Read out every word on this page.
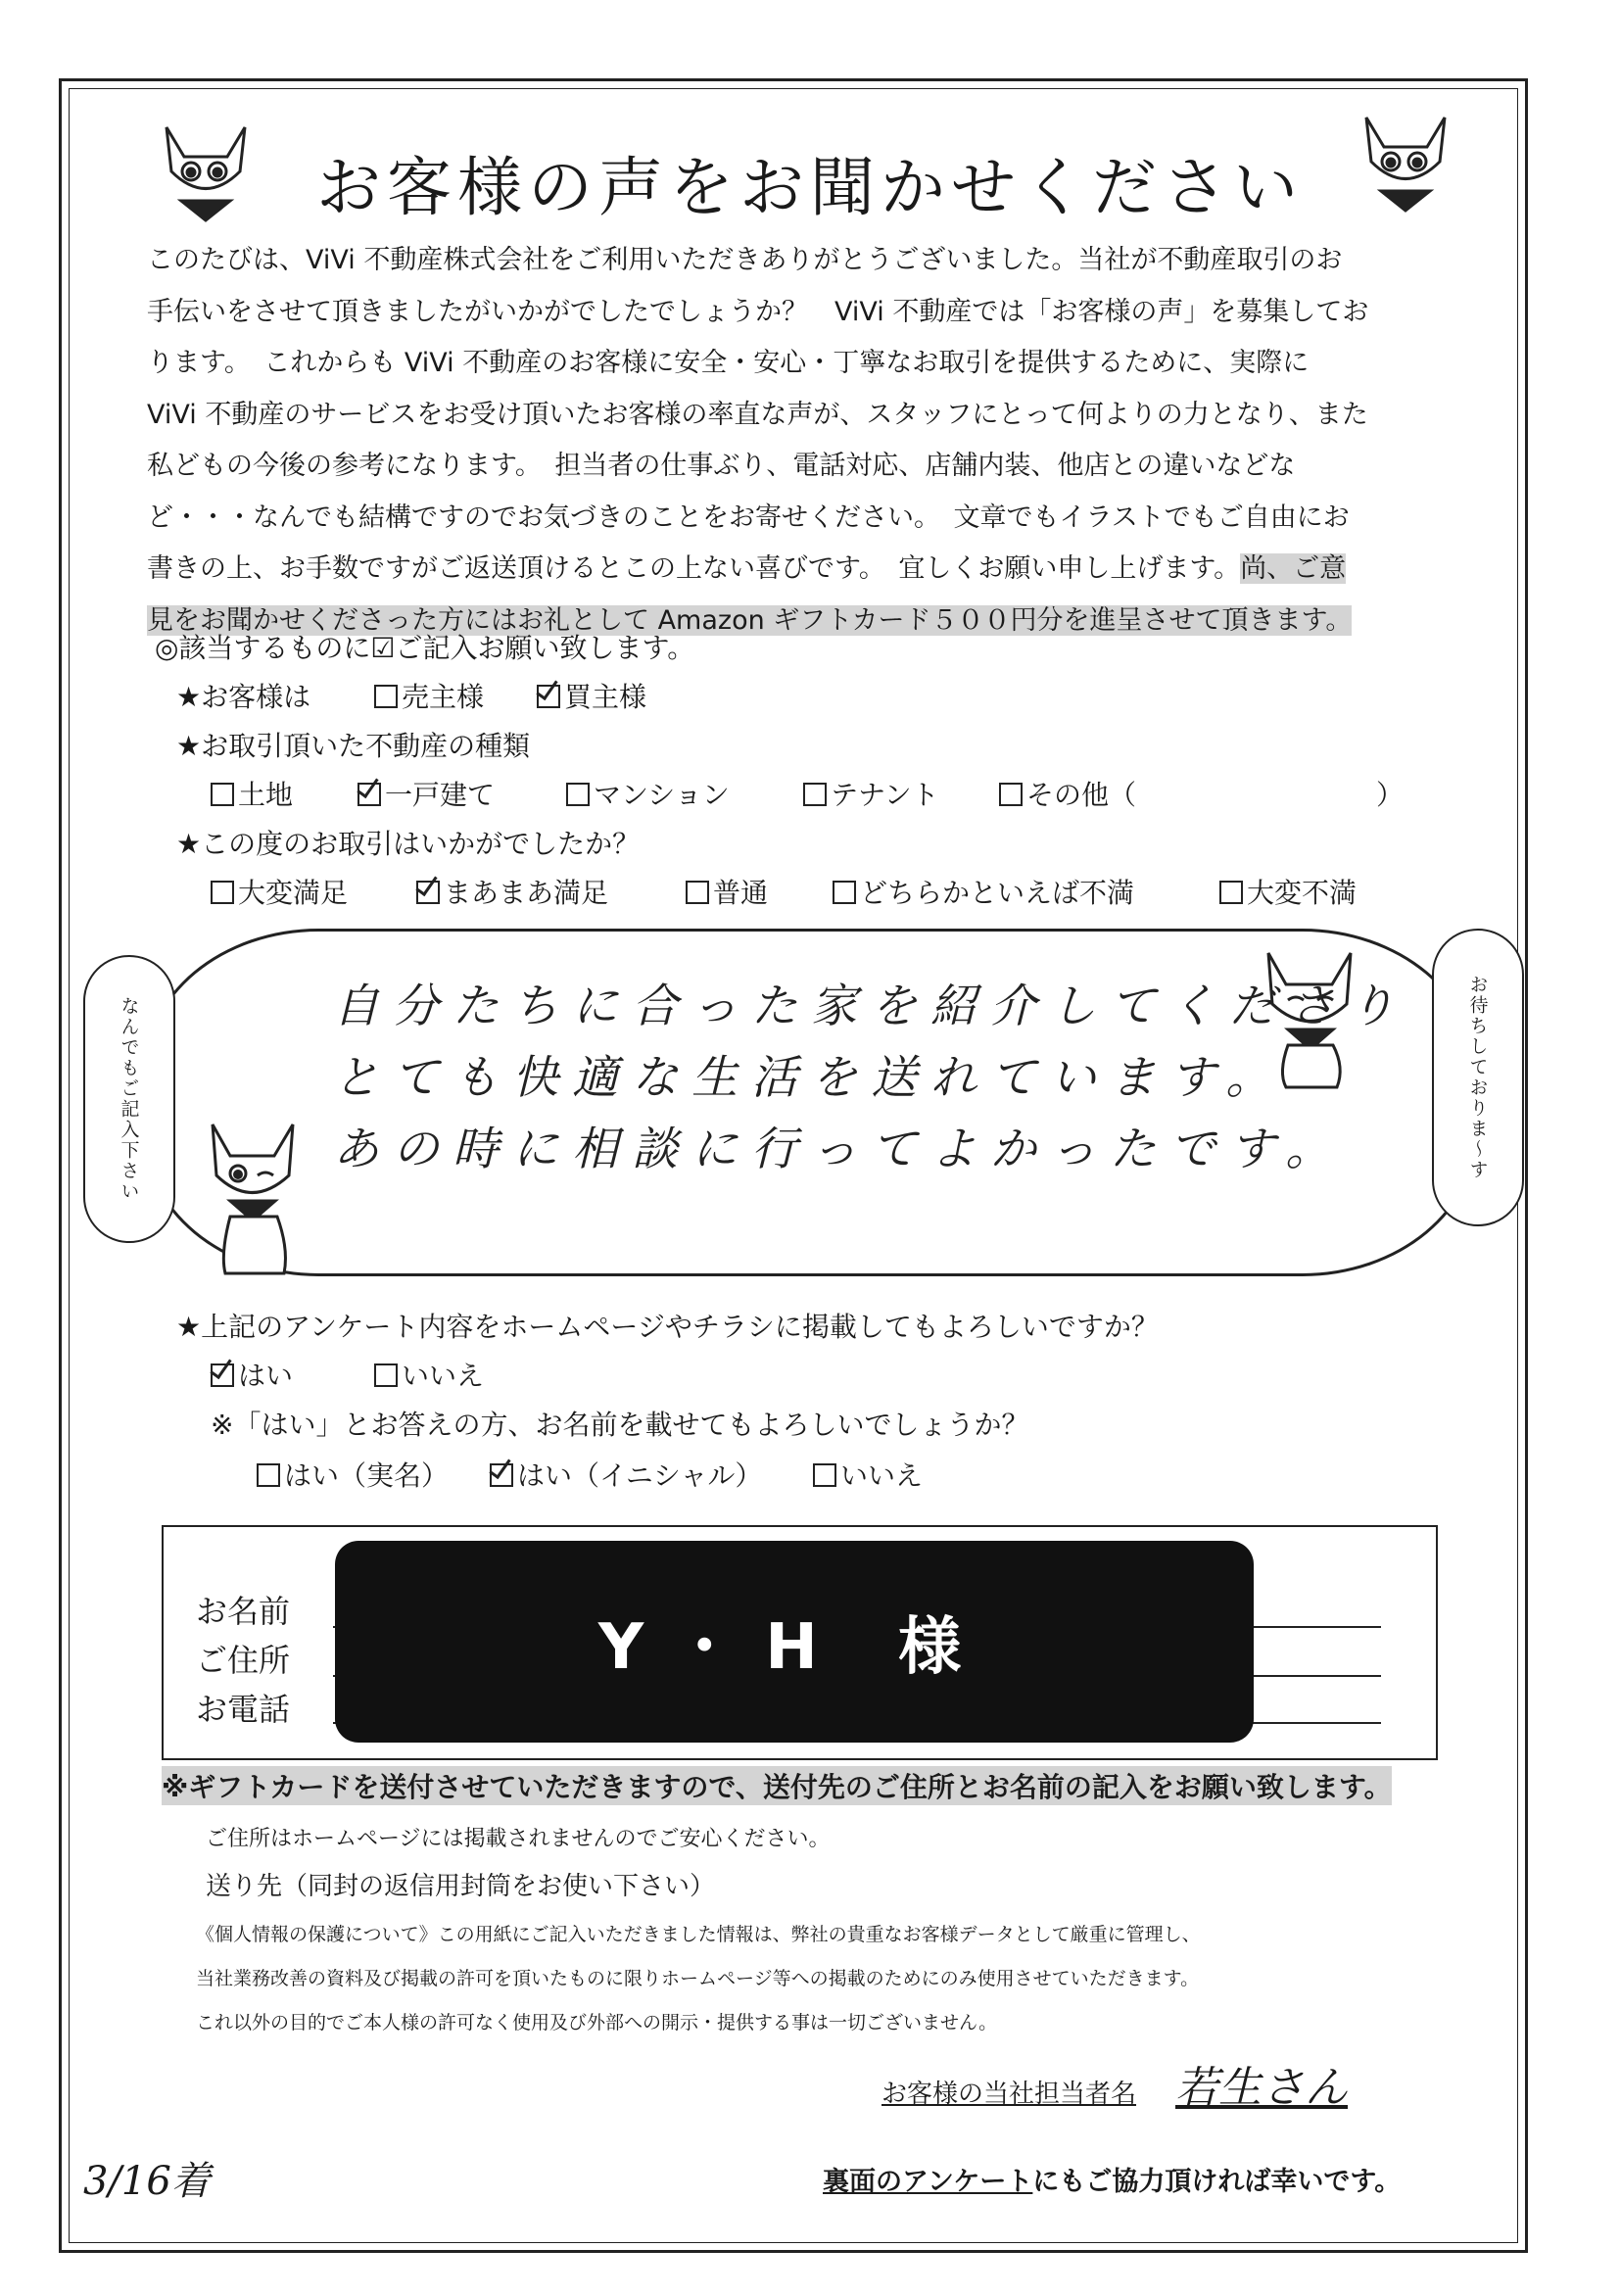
お客様の声をお聞かせください

このたびは、ViVi 不動産株式会社をご利用いただきありがとうございました。当社が不動産取引のお

手伝いをさせて頂きましたがいかがでしたでしょうか？　ViVi 不動産では「お客様の声」を募集してお

ります。　これからも ViVi 不動産のお客様に安全・安心・丁寧なお取引を提供するために、実際に

ViVi 不動産のサービスをお受け頂いたお客様の率直な声が、スタッフにとって何よりの力となり、また

私どもの今後の参考になります。　担当者の仕事ぶり、電話対応、店舗内装、他店との違いなどな

ど・・・なんでも結構ですのでお気づきのことをお寄せください。　文章でもイラストでもご自由にお

書きの上、お手数ですがご返送頂けるとこの上ない喜びです。　宜しくお願い申し上げます。尚、ご意

見をお聞かせくださった方にはお礼として Amazon ギフトカード５００円分を進呈させて頂きます。

◎該当するものに☑ご記入お願い致します。
★お客様は	売主様	買主様
★お取引頂いた不動産の種類
土地	一戸建て	マンション	テナント	その他（	）
★この度のお取引はいかがでしたか？
大変満足	まあまあ満足	普通	どちらかといえば不満	大変不満
なんでもご記入下さい	お待ちしておりま〜す
自分たちに合った家を紹介してくださり
とても快適な生活を送れています。
あの時に相談に行ってよかったです。
★上記のアンケート内容をホームページやチラシに掲載してもよろしいですか？
はい	いいえ
※「はい」とお答えの方、お名前を載せてもよろしいでしょうか？
はい（実名）	はい（イニシャル）	いいえ
お名前
ご住所
お電話
Y・H 様
※ギフトカードを送付させていただきますので、送付先のご住所とお名前の記入をお願い致します。
ご住所はホームページには掲載されませんのでご安心ください。
送り先（同封の返信用封筒をお使い下さい）
《個人情報の保護について》この用紙にご記入いただきました情報は、弊社の貴重なお客様データとして厳重に管理し、
当社業務改善の資料及び掲載の許可を頂いたものに限りホームページ等への掲載のためにのみ使用させていただきます。
これ以外の目的でご本人様の許可なく使用及び外部への開示・提供する事は一切ございません。
お客様の当社担当者名 若生さん
3/16着	裏面のアンケートにもご協力頂ければ幸いです。
